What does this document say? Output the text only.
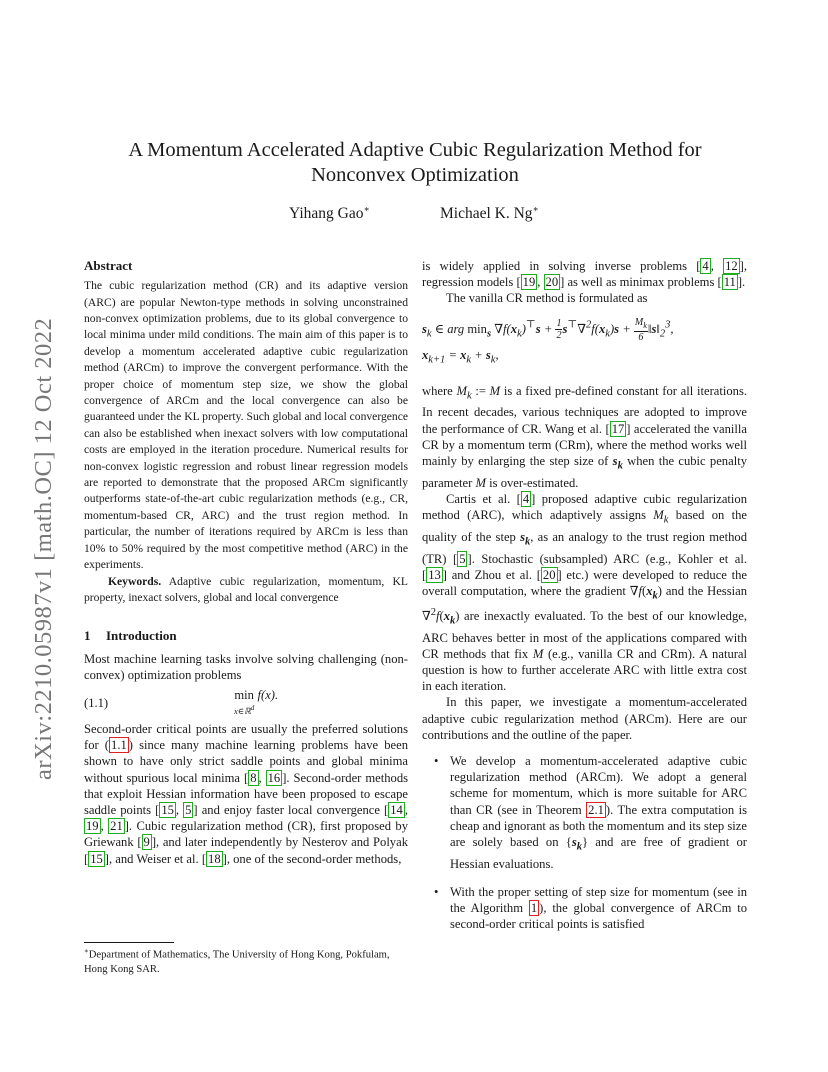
arXiv:2210.05987v1 [math.OC] 12 Oct 2022
A Momentum Accelerated Adaptive Cubic Regularization Method for Nonconvex Optimization
Yihang Gao∗	Michael K. Ng∗
Abstract

The cubic regularization method (CR) and its adaptive version (ARC) are popular Newton-type methods in solving unconstrained non-convex optimization problems, due to its global convergence to local minima under mild conditions. The main aim of this paper is to develop a momentum accelerated adaptive cubic regularization method (ARCm) to improve the convergent performance. With the proper choice of momentum step size, we show the global convergence of ARCm and the local convergence can also be guaranteed under the KL property. Such global and local convergence can also be established when inexact solvers with low computational costs are employed in the iteration procedure. Numerical results for non-convex logistic regression and robust linear regression models are reported to demonstrate that the proposed ARCm significantly outperforms state-of-the-art cubic regularization methods (e.g., CR, momentum-based CR, ARC) and the trust region method. In particular, the number of iterations required by ARCm is less than 10% to 50% required by the most competitive method (ARC) in the experiments.

Keywords. Adaptive cubic regularization, momentum, KL property, inexact solvers, global and local convergence

1 Introduction

Most machine learning tasks involve solving challenging (non-convex) optimization problems

(1.1)
min
x∈ℝ$^d$
f(x).

Second-order critical points are usually the preferred solutions for ( 1.1 ) since many machine learning problems have been shown to have only strict saddle points and global minima without spurious local minima [ 8 , 16 ]. Second-order methods that exploit Hessian information have been proposed to escape saddle points [ 15 , 5 ] and enjoy faster local convergence [ 14 , 19 , 21 ]. Cubic regularization method (CR), first proposed by Griewank [ 9 ], and later independently by Nesterov and Polyak [ 15 ], and Weiser et al. [ 18 ], one of the second-order methods,

is widely applied in solving inverse problems [ 4 , 12 ], regression models [ 19 , 20 ] as well as minimax problems [ 11 ].

The vanilla CR method is formulated as

$s_k$ ∈ arg $\min_s \nabla f(x_k)^⊤s + \frac{1}{2} s^⊤\nabla^2f(x_k)s + \frac{M_k}{6}$ $‖s‖_2^3$,
$x_{k+1} = x_k + s_k$,

where $M_k$ := M is a fixed pre-defined constant for all iterations. In recent decades, various techniques are adopted to improve the performance of CR. Wang et al. [ 17 ] accelerated the vanilla CR by a momentum term (CRm), where the method works well mainly by enlarging the step size of $s_k$ when the cubic penalty parameter M is over-estimated.

Cartis et al. [ 4 ] proposed adaptive cubic regularization method (ARC), which adaptively assigns $M_k$ based on the quality of the step $s_k$, as an analogy to the trust region method (TR) [ 5 ]. Stochastic (subsampled) ARC (e.g., Kohler et al. [ 13 ] and Zhou et al. [ 20 ] etc.) were developed to reduce the overall computation, where the gradient $\nabla f(x_k)$ and the Hessian $\nabla^2f(x_k)$ are inexactly evaluated. To the best of our knowledge, ARC behaves better in most of the applications compared with CR methods that fix M (e.g., vanilla CR and CRm). A natural question is how to further accelerate ARC with little extra cost in each iteration.

In this paper, we investigate a momentum-accelerated adaptive cubic regularization method (ARCm). Here are our contributions and the outline of the paper.

• We develop a momentum-accelerated adaptive cubic regularization method (ARCm). We adopt a general scheme for momentum, which is more suitable for ARC than CR (see in Theorem 2.1 ). The extra computation is cheap and ignorant as both the momentum and its step size are solely based on $\{s_k\}$ and are free of gradient or Hessian evaluations.
• With the proper setting of step size for momentum (see in the Algorithm 1 ), the global convergence of ARCm to second-order critical points is satisfied
∗Department of Mathematics, The University of Hong Kong, Pokfulam, Hong Kong SAR.
